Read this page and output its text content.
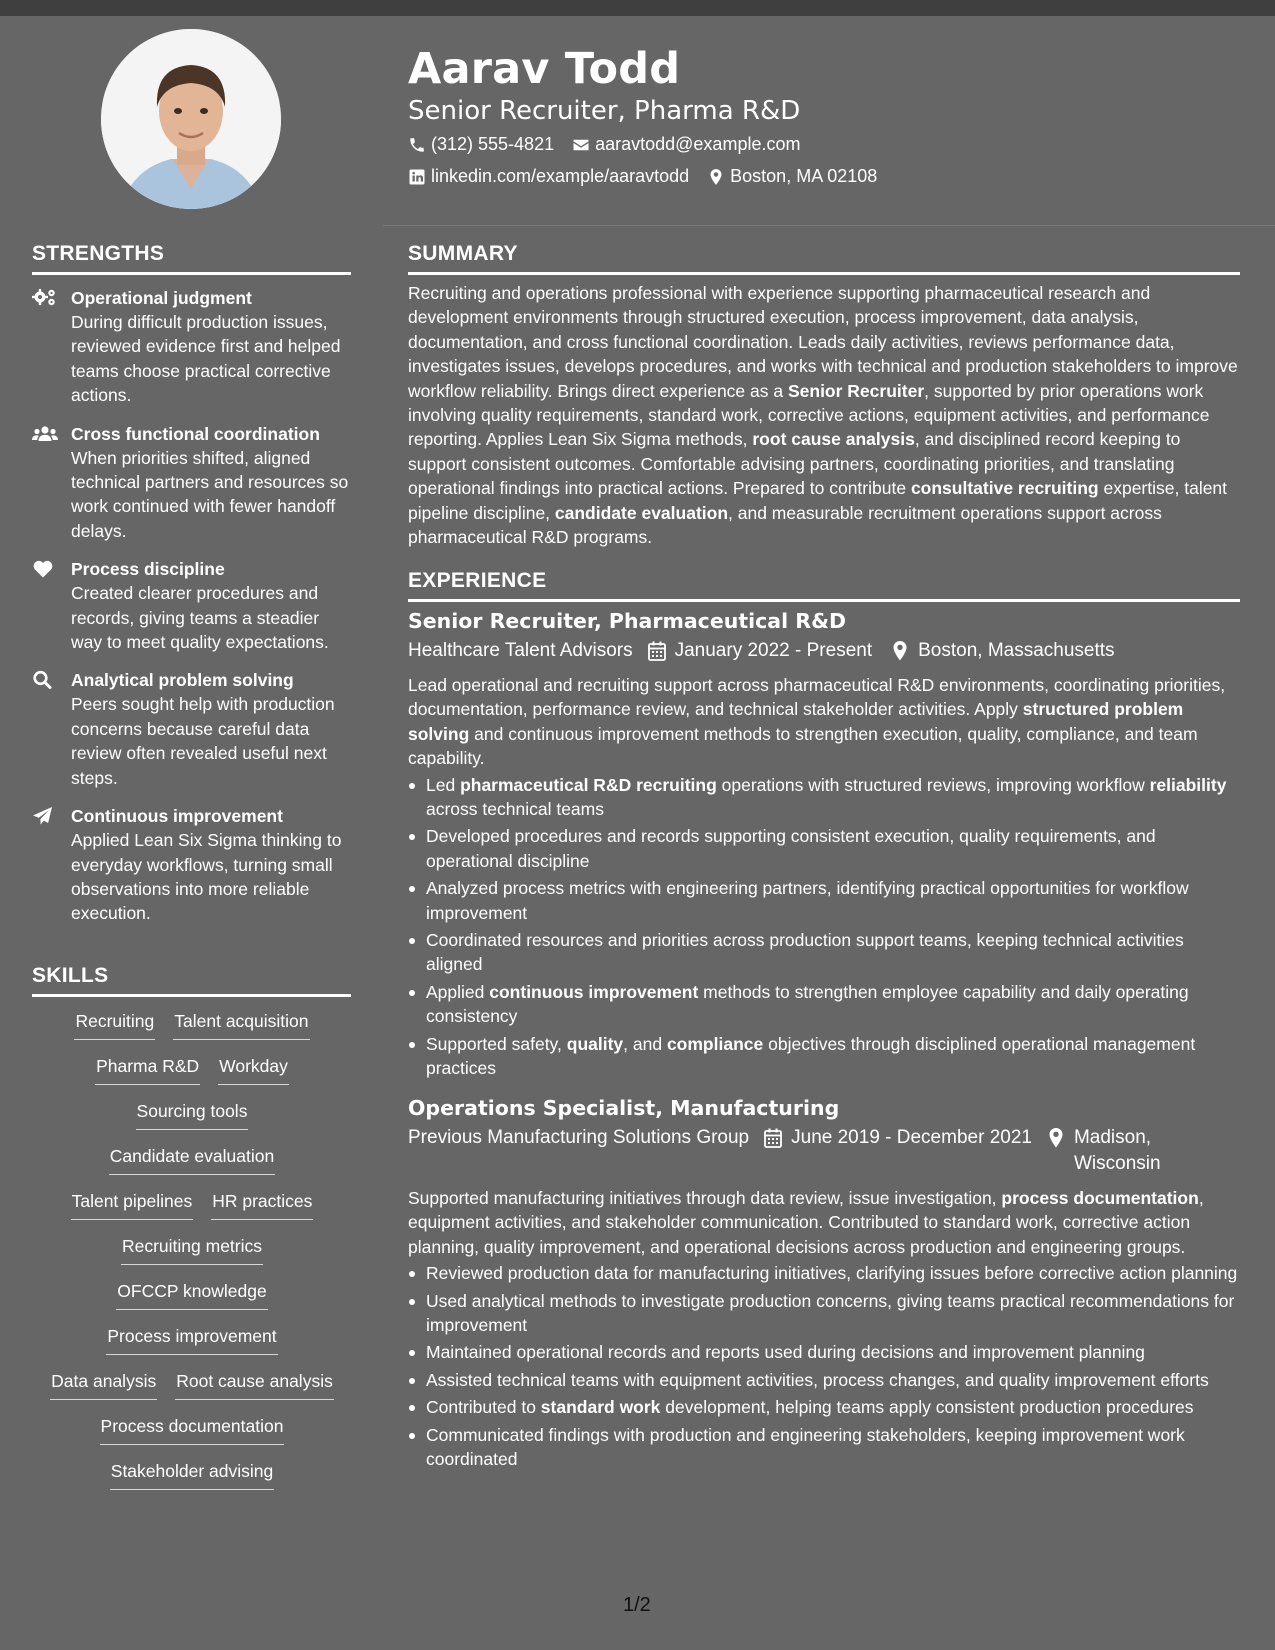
Aarav Todd
Senior Recruiter, Pharma R&D
(312) 555-4821 aaravtodd@example.com
linkedin.com/example/aaravtodd Boston, MA 02108
STRENGTHS
Operational judgment
During difficult production issues, reviewed evidence first and helped teams choose practical corrective actions.
Cross functional coordination
When priorities shifted, aligned technical partners and resources so work continued with fewer handoff delays.
Process discipline
Created clearer procedures and records, giving teams a steadier way to meet quality expectations.
Analytical problem solving
Peers sought help with production concerns because careful data review often revealed useful next steps.
Continuous improvement
Applied Lean Six Sigma thinking to everyday workflows, turning small observations into more reliable execution.
SKILLS
Recruiting Talent acquisition
Pharma R&D Workday
Sourcing tools
Candidate evaluation
Talent pipelines HR practices
Recruiting metrics
OFCCP knowledge
Process improvement
Data analysis Root cause analysis
Process documentation
Stakeholder advising
SUMMARY
Recruiting and operations professional with experience supporting pharmaceutical research and development environments through structured execution, process improvement, data analysis, documentation, and cross functional coordination. Leads daily activities, reviews performance data, investigates issues, develops procedures, and works with technical and production stakeholders to improve workflow reliability. Brings direct experience as a Senior Recruiter, supported by prior operations work involving quality requirements, standard work, corrective actions, equipment activities, and performance reporting. Applies Lean Six Sigma methods, root cause analysis, and disciplined record keeping to support consistent outcomes. Comfortable advising partners, coordinating priorities, and translating operational findings into practical actions. Prepared to contribute consultative recruiting expertise, talent pipeline discipline, candidate evaluation, and measurable recruitment operations support across pharmaceutical R&D programs.
EXPERIENCE
Senior Recruiter, Pharmaceutical R&D
Healthcare Talent Advisors January 2022 - Present Boston, Massachusetts
Lead operational and recruiting support across pharmaceutical R&D environments, coordinating priorities, documentation, performance review, and technical stakeholder activities. Apply structured problem solving and continuous improvement methods to strengthen execution, quality, compliance, and team capability.
Led pharmaceutical R&D recruiting operations with structured reviews, improving workflow reliability across technical teams
Developed procedures and records supporting consistent execution, quality requirements, and operational discipline
Analyzed process metrics with engineering partners, identifying practical opportunities for workflow improvement
Coordinated resources and priorities across production support teams, keeping technical activities aligned
Applied continuous improvement methods to strengthen employee capability and daily operating consistency
Supported safety, quality, and compliance objectives through disciplined operational management practices
Operations Specialist, Manufacturing
Previous Manufacturing Solutions Group June 2019 - December 2021 Madison, Wisconsin
Supported manufacturing initiatives through data review, issue investigation, process documentation, equipment activities, and stakeholder communication. Contributed to standard work, corrective action planning, quality improvement, and operational decisions across production and engineering groups.
Reviewed production data for manufacturing initiatives, clarifying issues before corrective action planning
Used analytical methods to investigate production concerns, giving teams practical recommendations for improvement
Maintained operational records and reports used during decisions and improvement planning
Assisted technical teams with equipment activities, process changes, and quality improvement efforts
Contributed to standard work development, helping teams apply consistent production procedures
Communicated findings with production and engineering stakeholders, keeping improvement work coordinated
1/2
